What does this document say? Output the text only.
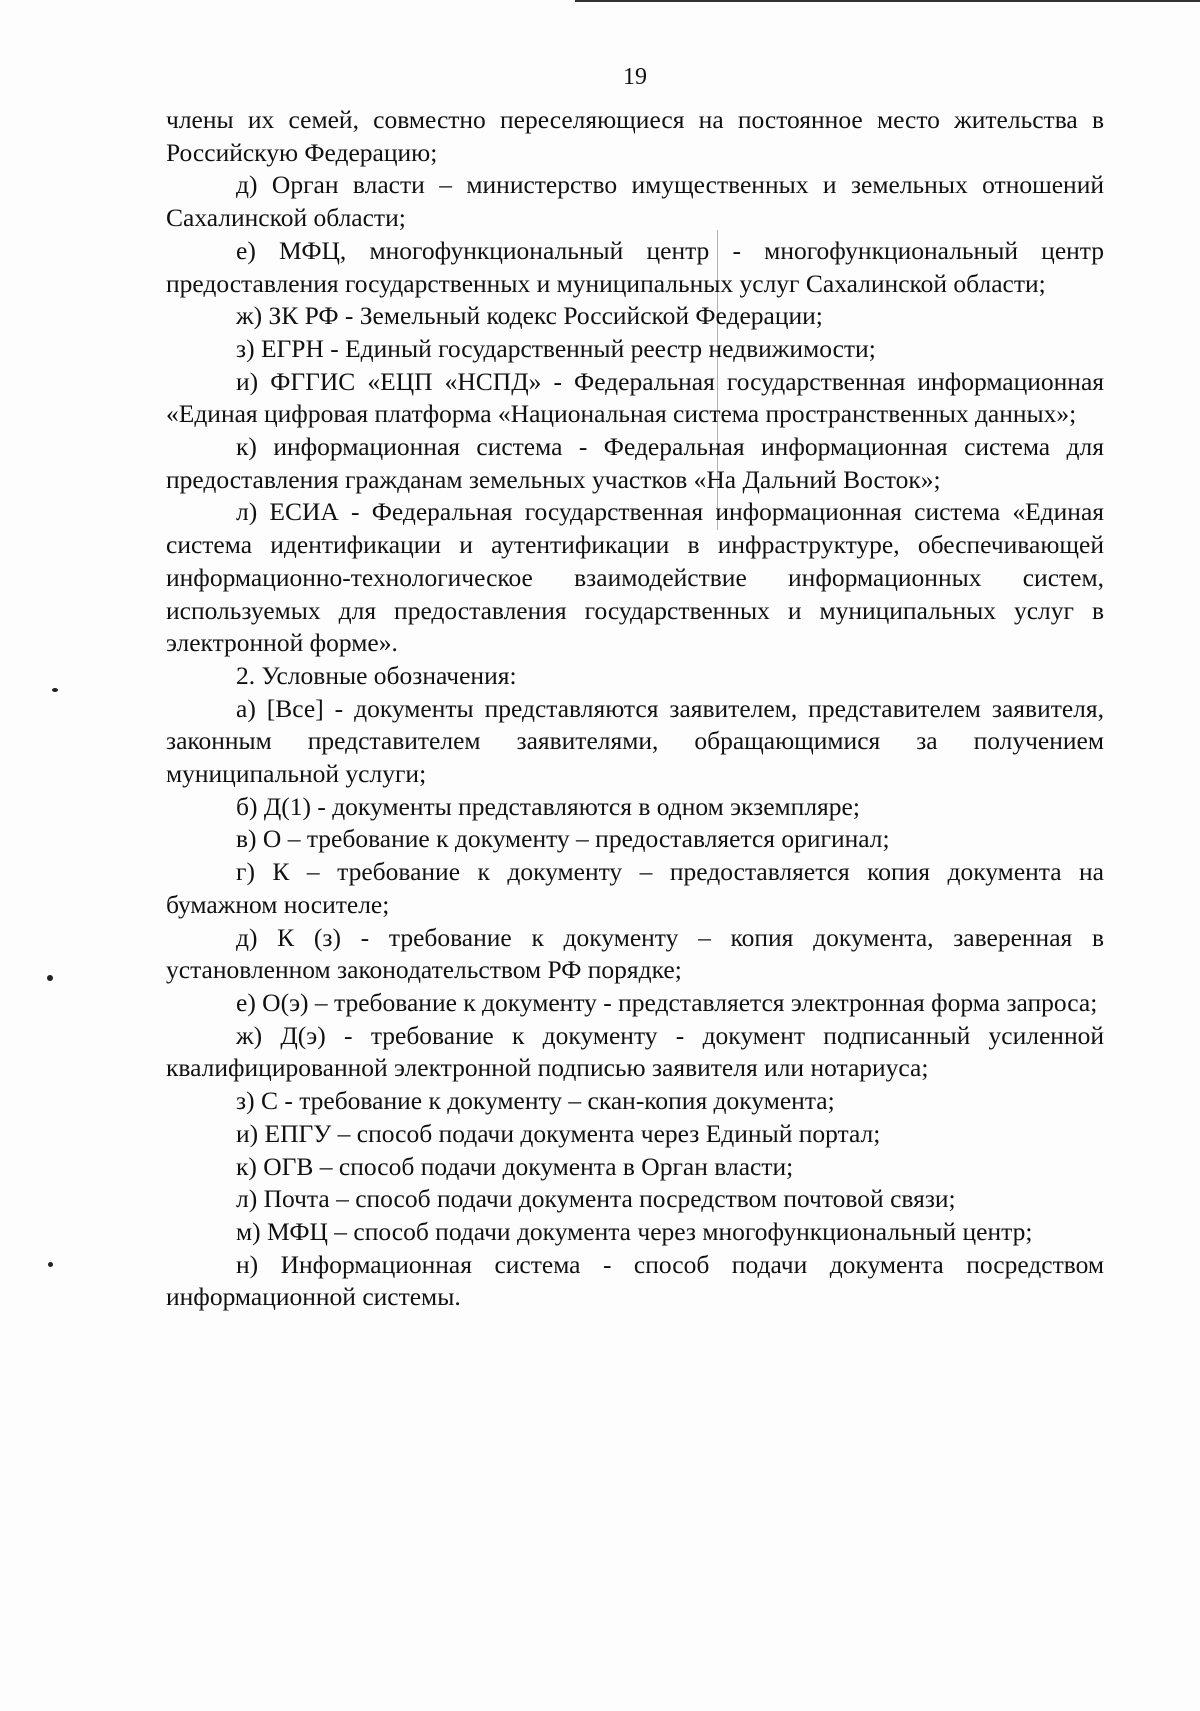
19

члены их семей, совместно переселяющиеся на постоянное место жительства в Российскую Федерацию;

д) Орган власти – министерство имущественных и земельных отношений Сахалинской области;

е) МФЦ, многофункциональный центр - многофункциональный центр предоставления государственных и муниципальных услуг Сахалинской области;

ж) ЗК РФ - Земельный кодекс Российской Федерации;

з) ЕГРН - Единый государственный реестр недвижимости;

и) ФГГИС «ЕЦП «НСПД» - Федеральная государственная информационная «Единая цифровая платформа «Национальная система пространственных данных»;

к) информационная система - Федеральная информационная система для предоставления гражданам земельных участков «На Дальний Восток»;

л) ЕСИА - Федеральная государственная информационная система «Единая система идентификации и аутентификации в инфраструктуре, обеспечивающей информационно-технологическое взаимодействие информационных систем, используемых для предоставления государственных и муниципальных услуг в электронной форме».

2. Условные обозначения:

а) [Все] - документы представляются заявителем, представителем заявителя, законным представителем заявителями, обращающимися за получением муниципальной услуги;

б) Д(1) - документы представляются в одном экземпляре;

в) О – требование к документу – предоставляется оригинал;

г) К – требование к документу – предоставляется копия документа на бумажном носителе;

д) К (з) - требование к документу – копия документа, заверенная в установленном законодательством РФ порядке;

е) О(э) – требование к документу - представляется электронная форма запроса;

ж) Д(э) - требование к документу - документ подписанный усиленной квалифицированной электронной подписью заявителя или нотариуса;

з) С - требование к документу – скан-копия документа;

и) ЕПГУ – способ подачи документа через Единый портал;

к) ОГВ – способ подачи документа в Орган власти;

л) Почта – способ подачи документа посредством почтовой связи;

м) МФЦ – способ подачи документа через многофункциональный центр;

н) Информационная система - способ подачи документа посредством информационной системы.
